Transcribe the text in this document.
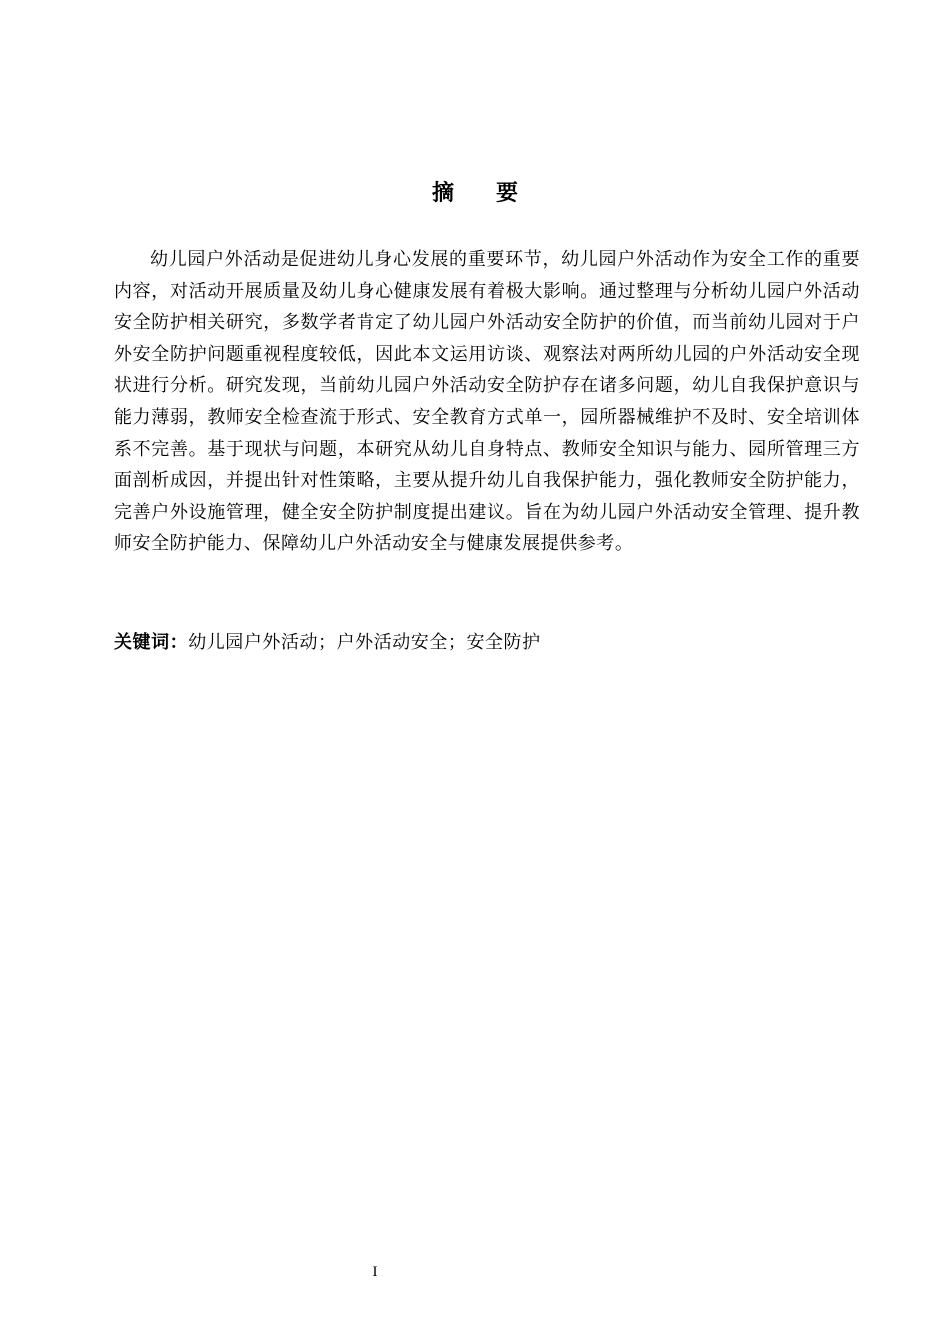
摘 要

幼儿园户外活动是促进幼儿身心发展的重要环节，幼儿园户外活动作为安全工作的重要内容，对活动开展质量及幼儿身心健康发展有着极大影响。通过整理与分析幼儿园户外活动安全防护相关研究，多数学者肯定了幼儿园户外活动安全防护的价值，而当前幼儿园对于户外安全防护问题重视程度较低，因此本文运用访谈、观察法对两所幼儿园的户外活动安全现状进行分析。研究发现，当前幼儿园户外活动安全防护存在诸多问题，幼儿自我保护意识与能力薄弱，教师安全检查流于形式、安全教育方式单一，园所器械维护不及时、安全培训体系不完善。基于现状与问题，本研究从幼儿自身特点、教师安全知识与能力、园所管理三方面剖析成因，并提出针对性策略，主要从提升幼儿自我保护能力，强化教师安全防护能力，完善户外设施管理，健全安全防护制度提出建议。旨在为幼儿园户外活动安全管理、提升教师安全防护能力、保障幼儿户外活动安全与健康发展提供参考。

关键词：幼儿园户外活动；户外活动安全；安全防护

I
